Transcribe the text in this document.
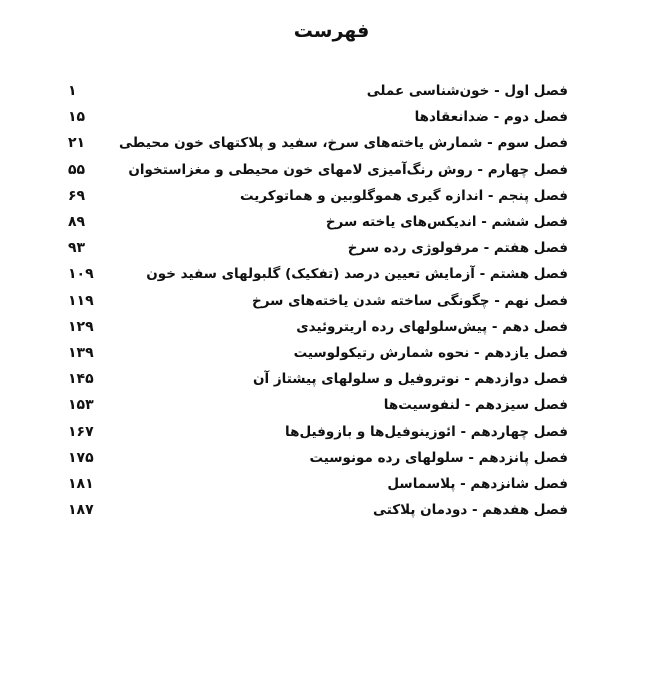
فهرست
۱	فصل اول - خون‌شناسی عملی
۱۵	فصل دوم - ضدانعقادها
۲۱	فصل سوم - شمارش یاخته‌های سرخ، سفید و پلاکتهای خون محیطی
۵۵	فصل چهارم - روش رنگ‌آمیزی لامهای خون محیطی و مغزاستخوان
۶۹	فصل پنجم - اندازه گیری هموگلوبین و هماتوکریت
۸۹	فصل ششم - اندیکس‌های یاخته سرخ
۹۳	فصل هفتم - مرفولوژی رده سرخ
۱۰۹	فصل هشتم - آزمایش تعیین درصد (تفکیک) گلبولهای سفید خون
۱۱۹	فصل نهم - چگونگی ساخته شدن یاخته‌های سرخ
۱۲۹	فصل دهم - پیش‌سلولهای رده اریتروئیدی
۱۳۹	فصل یازدهم - نحوه شمارش رتیکولوسیت
۱۴۵	فصل دوازدهم - نوتروفیل و سلولهای پیشتاز آن
۱۵۳	فصل سیزدهم - لنفوسیت‌ها
۱۶۷	فصل چهاردهم - ائوزینوفیل‌ها و بازوفیل‌ها
۱۷۵	فصل پانزدهم - سلولهای رده مونوسیت
۱۸۱	فصل شانزدهم - پلاسماسل
۱۸۷	فصل هفدهم - دودمان پلاکتی
